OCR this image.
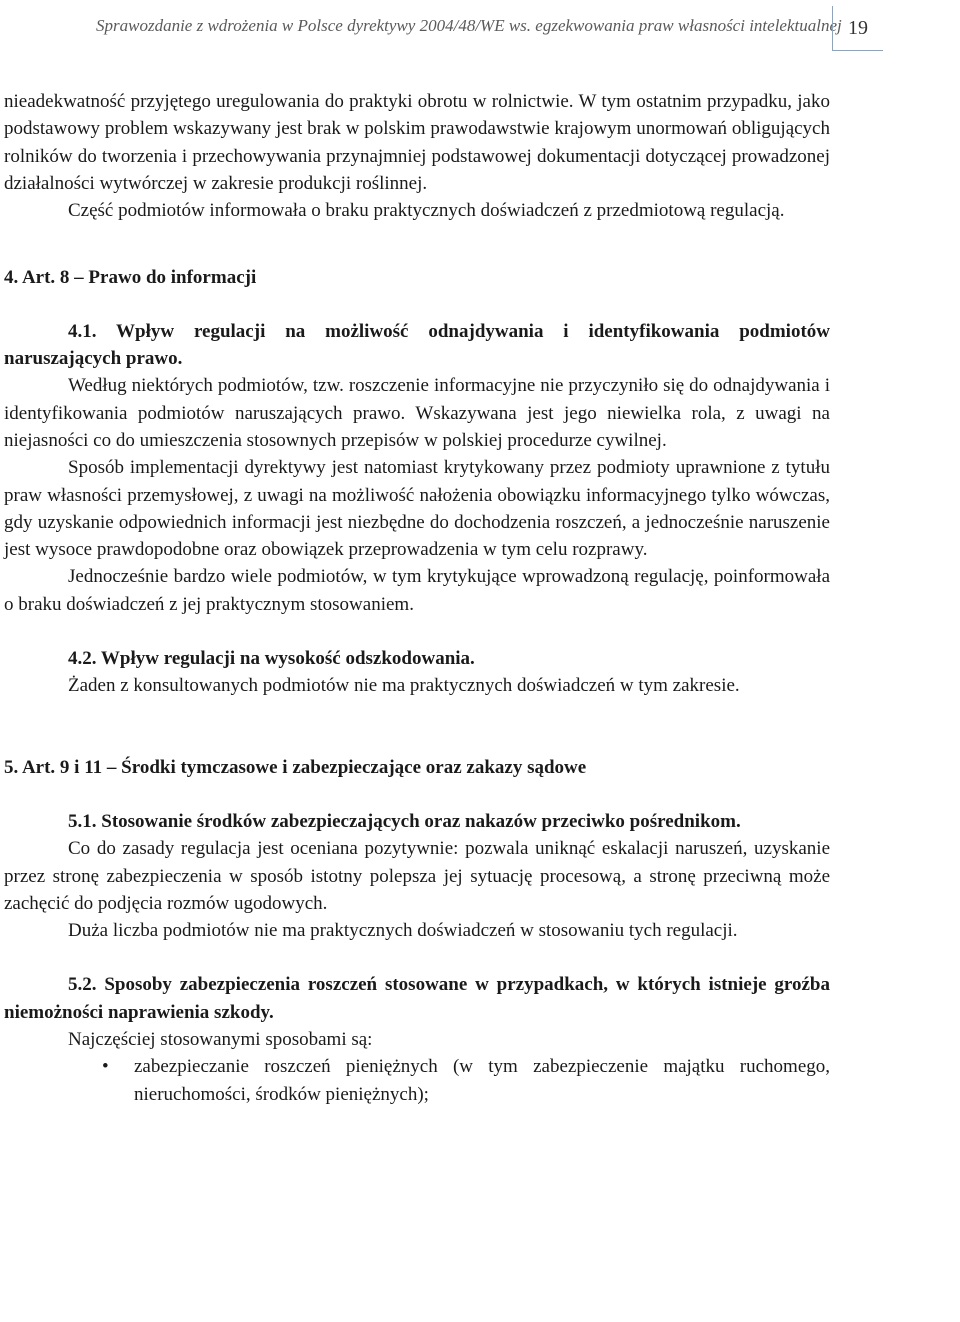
Sprawozdanie z wdrożenia w Polsce dyrektywy 2004/48/WE ws. egzekwowania praw własności intelektualnej 19

nieadekwatność przyjętego uregulowania do praktyki obrotu w rolnictwie. W tym ostatnim przypadku, jako podstawowy problem wskazywany jest brak w polskim prawodawstwie krajowym unormowań obligujących rolników do tworzenia i przechowywania przynajmniej podstawowej dokumentacji dotyczącej prowadzonej działalności wytwórczej w zakresie produkcji roślinnej.

Część podmiotów informowała o braku praktycznych doświadczeń z przedmiotową regulacją.

4. Art. 8 – Prawo do informacji

4.1. Wpływ regulacji na możliwość odnajdywania i identyfikowania podmiotów naruszających prawo.

Według niektórych podmiotów, tzw. roszczenie informacyjne nie przyczyniło się do odnajdywania i identyfikowania podmiotów naruszających prawo. Wskazywana jest jego niewielka rola, z uwagi na niejasności co do umieszczenia stosownych przepisów w polskiej procedurze cywilnej.

Sposób implementacji dyrektywy jest natomiast krytykowany przez podmioty uprawnione z tytułu praw własności przemysłowej, z uwagi na możliwość nałożenia obowiązku informacyjnego tylko wówczas, gdy uzyskanie odpowiednich informacji jest niezbędne do dochodzenia roszczeń, a jednocześnie naruszenie jest wysoce prawdopodobne oraz obowiązek przeprowadzenia w tym celu rozprawy.

Jednocześnie bardzo wiele podmiotów, w tym krytykujące wprowadzoną regulację, poinformowała o braku doświadczeń z jej praktycznym stosowaniem.

4.2. Wpływ regulacji na wysokość odszkodowania.

Żaden z konsultowanych podmiotów nie ma praktycznych doświadczeń w tym zakresie.

5. Art. 9 i 11 – Środki tymczasowe i zabezpieczające oraz zakazy sądowe

5.1. Stosowanie środków zabezpieczających oraz nakazów przeciwko pośrednikom.

Co do zasady regulacja jest oceniana pozytywnie: pozwala uniknąć eskalacji naruszeń, uzyskanie przez stronę zabezpieczenia w sposób istotny polepsza jej sytuację procesową, a stronę przeciwną może zachęcić do podjęcia rozmów ugodowych.

Duża liczba podmiotów nie ma praktycznych doświadczeń w stosowaniu tych regulacji.

5.2. Sposoby zabezpieczenia roszczeń stosowane w przypadkach, w których istnieje groźba niemożności naprawienia szkody.

Najczęściej stosowanymi sposobami są:

• zabezpieczanie roszczeń pieniężnych (w tym zabezpieczenie majątku ruchomego, nieruchomości, środków pieniężnych);
